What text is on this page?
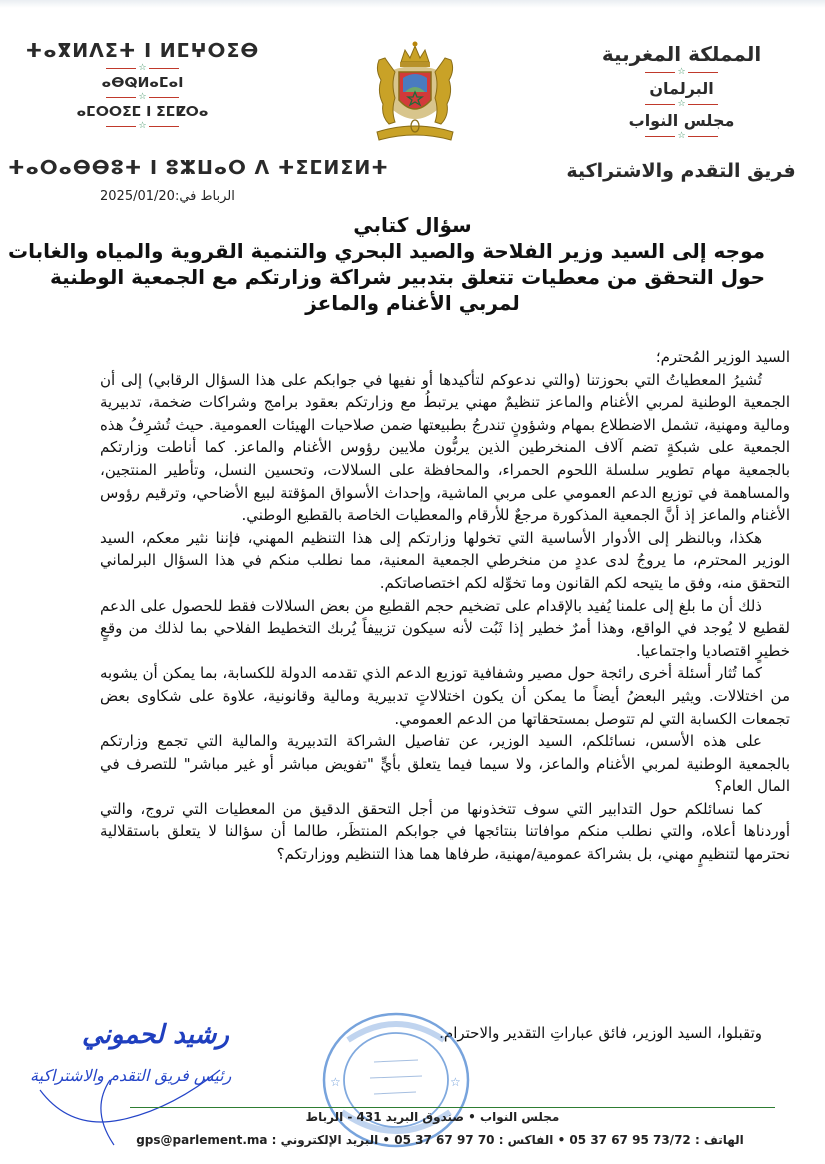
ⵜⴰⴳⵍⴷⵉⵜ ⵏ ⵍⵎⵖⵔⵉⴱ
☆
ⴰⴱⵕⵍⴰⵎⴰⵏ
☆
ⴰⵎⵔⵔⵉⵎ ⵏ ⵉⵎⵇⵔⴰ
☆
ⵜⴰⵔⴰⴱⴱⵓⵜ ⵏ ⵓⵣⵡⴰⵔ ⴷ ⵜⵉⵎⵍⵉⵍⵜ
المملكة المغربية
☆
البرلمان
☆
مجلس النواب
☆
فريق التقدم والاشتراكية
الرباط في:2025/01/20
سؤال كتابي
موجه إلى السيد وزير الفلاحة والصيد البحري والتنمية القروية والمياه والغابات
حول التحقق من معطيات تتعلق بتدبير شراكة وزارتكم مع الجمعية الوطنية
لمربي الأغنام والماعز

السيد الوزير المُحترم؛

تُشيرُ المعطياتُ التي بحوزتنا (والتي ندعوكم لتأكيدها أو نفيها في جوابكم على هذا السؤال الرقابي) إلى أن الجمعية الوطنية لمربي الأغنام والماعز تنظيمٌ مهني يرتبطُ مع وزارتكم بعقود برامج وشراكات ضخمة، تدبيرية ومالية ومهنية، تشمل الاضطلاع بمهام وشؤونٍ تندرجُ بطبيعتها ضمن صلاحيات الهيئات العمومية. حيث تُشرِفُ هذه الجمعية على شبكةٍ تضم آلاف المنخرطين الذين يربُّون ملايين رؤوس الأغنام والماعز. كما أناطت وزارتكم بالجمعية مهام تطوير سلسلة اللحوم الحمراء، والمحافظة على السلالات، وتحسين النسل، وتأطير المنتجين، والمساهمة في توزيع الدعم العمومي على مربي الماشية، وإحداث الأسواق المؤقتة لبيع الأضاحي، وترقيم رؤوس الأغنام والماعز إذ أنَّ الجمعية المذكورة مرجعٌ للأرقام والمعطيات الخاصة بالقطيع الوطني.

هكذا، وبالنظر إلى الأدوار الأساسية التي تخولها وزارتكم إلى هذا التنظيم المهني، فإننا نثير معكم، السيد الوزير المحترم، ما يروجُ لدى عددٍ من منخرطي الجمعية المعنية، مما نطلب منكم في هذا السؤال البرلماني التحقق منه، وفق ما يتيحه لكم القانون وما تخوِّله لكم اختصاصاتكم.

ذلك أن ما بلغ إلى علمنا يُفيد بالإقدام على تضخيم حجم القطيع من بعض السلالات فقط للحصول على الدعم لقطيع لا يُوجد في الواقع، وهذا أمرٌ خطير إذا ثَبُت لأنه سيكون تزييفاً يُربك التخطيط الفلاحي بما لذلك من وقعٍ خطيرٍ اقتصاديا واجتماعيا.

كما تُثار أسئلة أخرى رائجة حول مصير وشفافية توزيع الدعم الذي تقدمه الدولة للكسابة، بما يمكن أن يشوبه من اختلالات. ويثير البعضُ أيضاً ما يمكن أن يكون اختلالاتٍ تدبيرية ومالية وقانونية، علاوة على شكاوى بعض تجمعات الكسابة التي لم تتوصل بمستحقاتها من الدعم العمومي.

على هذه الأسس، نسائلكم، السيد الوزير، عن تفاصيل الشراكة التدبيرية والمالية التي تجمع وزارتكم بالجمعية الوطنية لمربي الأغنام والماعز، ولا سيما فيما يتعلق بأيٍّ "تفويض مباشر أو غير مباشر" للتصرف في المال العام؟

كما نسائلكم حول التدابير التي سوف تتخذونها من أجل التحقق الدقيق من المعطيات التي تروج، والتي أوردناها أعلاه، والتي نطلب منكم موافاتنا بنتائجها في جوابكم المنتظَر، طالما أن سؤالنا لا يتعلق باستقلالية نحترمها لتنظيمٍ مهني، بل بشراكة عمومية/مهنية، طرفاها هما هذا التنظيم ووزارتكم؟

وتقبلوا، السيد الوزير، فائق عباراتِ التقدير والاحترام.
☆	☆
رشيد لحموني
رئيس فريق التقدم والاشتراكية
مجلس النواب • صندوق البريد 431 - الرباط
الهاتف : 73/72 95 67 37 05 • الفاكس : 70 97 67 37 05 • البريد الإلكتروني : gps@parlement.ma
